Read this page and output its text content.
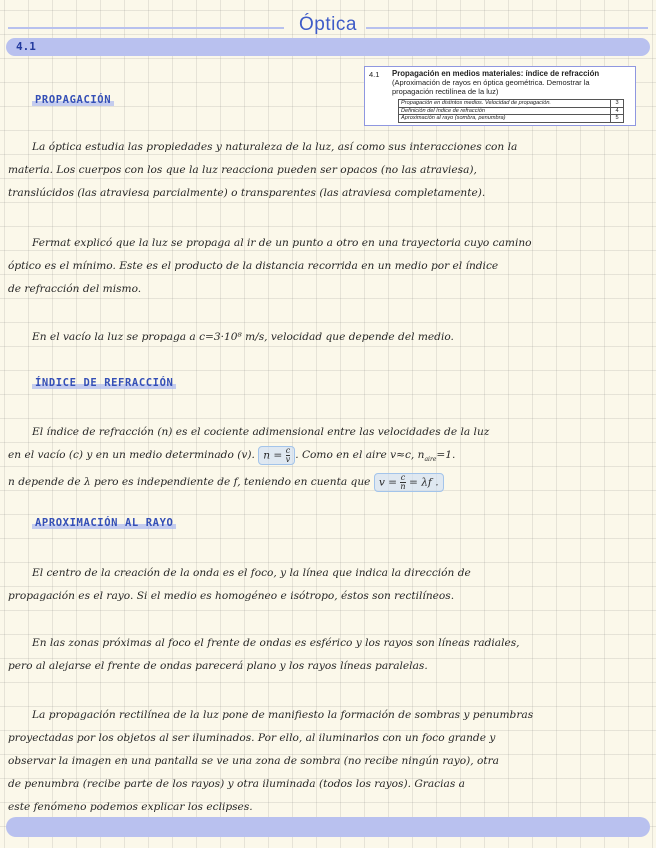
Óptica
4.1
4.1 Propagación en medios materiales: índice de refracción
(Aproximación de rayos en óptica geométrica. Demostrar la propagación rectilínea de la luz)
Propagación en distintos medios. Velocidad de propagación.	3
Definición del índice de refracción	4
Aproximación al rayo (sombra, penumbra)	5
PROPAGACIÓN
La óptica estudia las propiedades y naturaleza de la luz, así como sus interacciones con la
materia. Los cuerpos con los que la luz reacciona pueden ser opacos (no las atraviesa),
translúcidos (las atraviesa parcialmente) o transparentes (las atraviesa completamente).
Fermat explicó que la luz se propaga al ir de un punto a otro en una trayectoria cuyo camino
óptico es el mínimo. Este es el producto de la distancia recorrida en un medio por el índice
de refracción del mismo.
En el vacío la luz se propaga a c=3·10⁸ m/s, velocidad que depende del medio.
ÍNDICE DE REFRACCIÓN
El índice de refracción (n) es el cociente adimensional entre las velocidades de la luz
en el vacío (c) y en un medio determinado (v). $n = \frac{c}{v}$ . Como en el aire v≈c, $n_{aire}=1$.
n depende de λ pero es independiente de f, teniendo en cuenta que $v = \frac{c}{n} = \lambda f$ .
APROXIMACIÓN AL RAYO
El centro de la creación de la onda es el foco, y la línea que indica la dirección de
propagación es el rayo. Si el medio es homogéneo e isótropo, éstos son rectilíneos.
En las zonas próximas al foco el frente de ondas es esférico y los rayos son líneas radiales,
pero al alejarse el frente de ondas parecerá plano y los rayos líneas paralelas.
La propagación rectilínea de la luz pone de manifiesto la formación de sombras y penumbras
proyectadas por los objetos al ser iluminados. Por ello, al iluminarlos con un foco grande y
observar la imagen en una pantalla se ve una zona de sombra (no recibe ningún rayo), otra
de penumbra (recibe parte de los rayos) y otra iluminada (todos los rayos). Gracias a
este fenómeno podemos explicar los eclipses.
